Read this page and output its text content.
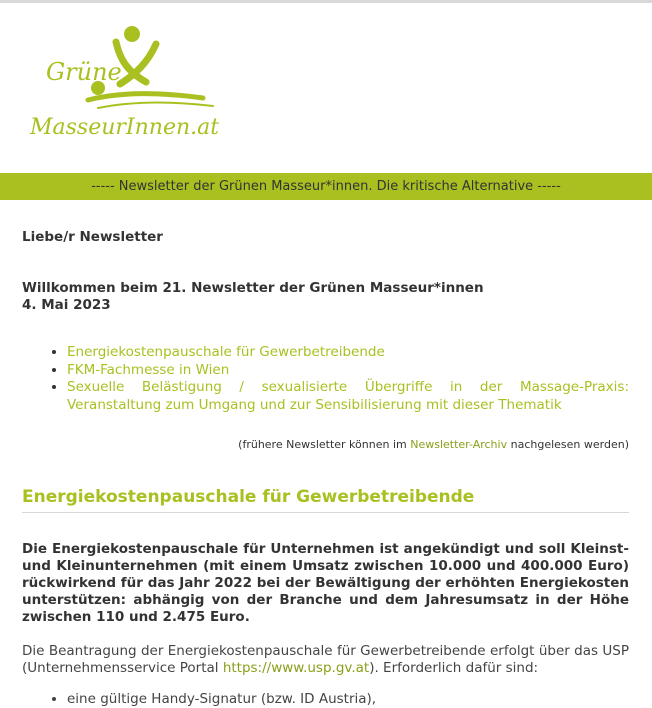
Grüne
MasseurInnen.at
----- Newsletter der Grünen Masseur*innen. Die kritische Alternative -----
Liebe/r Newsletter
Willkommen beim 21. Newsletter der Grünen Masseur*innen
4. Mai 2023
• Energiekostenpauschale für Gewerbetreibende
• FKM-Fachmesse in Wien
• Sexuelle Belästigung / sexualisierte Übergriffe in der Massage-Praxis: Veranstaltung zum Umgang und zur Sensibilisierung mit dieser Thematik
(frühere Newsletter können im Newsletter-Archiv nachgelesen werden)
Energiekostenpauschale für Gewerbetreibende
Die Energiekostenpauschale für Unternehmen ist angekündigt und soll Kleinst- und Kleinunternehmen (mit einem Umsatz zwischen 10.000 und 400.000 Euro) rückwirkend für das Jahr 2022 bei der Bewältigung der erhöhten Energiekosten unterstützen: abhängig von der Branche und dem Jahresumsatz in der Höhe zwischen 110 und 2.475 Euro.
Die Beantragung der Energiekostenpauschale für Gewerbetreibende erfolgt über das USP (Unternehmensservice Portal https://www.usp.gv.at). Erforderlich dafür sind:
• eine gültige Handy-Signatur (bzw. ID Austria),
